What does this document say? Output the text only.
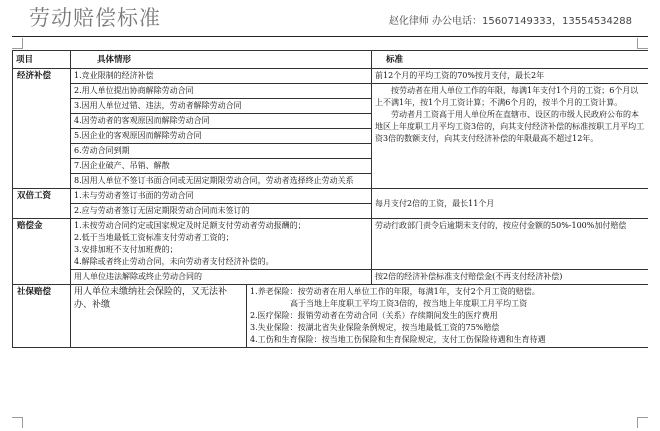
劳动赔偿标准	赵化律师 办公电话：15607149333，13554534288
项目	具体情形		标准
经济补偿	1.竞业限制的经济补偿		前12个月的平均工资的70%按月支付，最长2年
	2.用人单位提出协商解除劳动合同		按劳动者在用人单位工作的年限，每满1年支付1个月的工资；6个月以上不满1年，按1个月工资计算；不满6个月的，按半个月的工资计算。
劳动者月工资高于用人单位所在直辖市、设区的市级人民政府公布的本地区上年度职工月平均工资3倍的，向其支付经济补偿的标准按职工月平均工资3倍的数额支付，向其支付经济补偿的年限最高不超过12年。

	3.因用人单位过错、违法，劳动者解除劳动合同		
	4.因劳动者的客观原因而解除劳动合同		
	5.因企业的客观原因而解除劳动合同		
	6.劳动合同到期		
	7.因企业破产、吊销、解散		
	8.因用人单位不签订书面合同或无固定期限劳动合同，劳动者选择终止劳动关系		
双倍工资	1.未与劳动者签订书面的劳动合同		每月支付2倍的工资，最长11个月
	2.应与劳动者签订无固定期限劳动合同而未签订的		
赔偿金	1.未按劳动合同约定或国家规定及时足额支付劳动者劳动报酬的；
2.低于当地最低工资标准支付劳动者工资的；
3.安排加班不支付加班费的；
4.解除或者终止劳动合同，未向劳动者支付经济补偿的。		劳动行政部门责令后逾期未支付的，按应付金额的50%-100%加付赔偿
	用人单位违法解除或终止劳动合同的		按2倍的经济补偿标准支付赔偿金(不再支付经济补偿)
社保赔偿	用人单位未缴纳社会保险的，又无法补办、补缴	1.养老保险：按劳动者在用人单位工作的年限，每满1年，支付2个月工资的赔偿。
高于当地上年度职工平均工资3倍的，按当地上年度职工月平均工资
2.医疗保险：报销劳动者在劳动合同（关系）存续期间发生的医疗费用
3.失业保险：按湖北省失业保险条例规定，按当地最低工资的75%赔偿
4.工伤和生育保险：按当地工伤保险和生育保险规定，支付工伤保险待遇和生育待遇	
